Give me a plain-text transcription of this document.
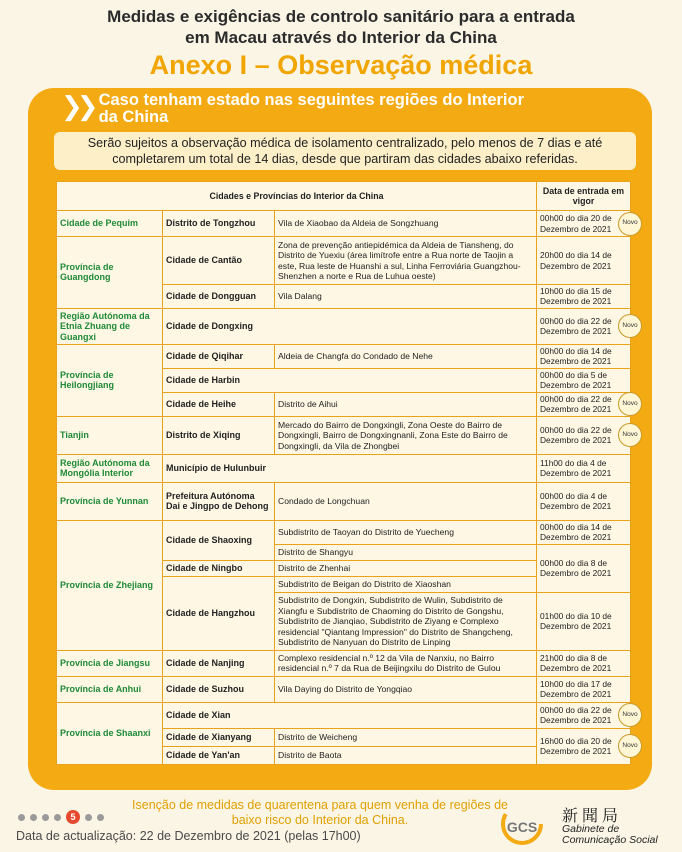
Medidas e exigências de controlo sanitário para a entrada
em Macau através do Interior da China
Anexo I – Observação médica
❯❯ Caso tenham estado nas seguintes regiões do Interior da China
Serão sujeitos a observação médica de isolamento centralizado, pelo menos de 7 dias e até completarem um total de 14 dias, desde que partiram das cidades abaixo referidas.
Cidades e Províncias do Interior da China			Data de entrada em vigor
Cidade de Pequim	Distrito de Tongzhou	Vila de Xiaobao da Aldeia de Songzhuang	00h00 do dia 20 de Dezembro de 2021
Novo

Província de Guangdong	Cidade de Cantão	Zona de prevenção antiepidémica da Aldeia de Tiansheng, do Distrito de Yuexiu (área limítrofe entre a Rua norte de Taojin a este, Rua leste de Huanshi a sul, Linha Ferroviária Guangzhou-Shenzhen a norte e Rua de Luhua oeste)	20h00 do dia 14 de Dezembro de 2021
	Cidade de Dongguan	Vila Dalang	10h00 do dia 15 de Dezembro de 2021
Região Autónoma da Etnia Zhuang de Guangxi	Cidade de Dongxing		00h00 do dia 22 de Dezembro de 2021
Novo

Província de Heilongjiang	Cidade de Qiqihar	Aldeia de Changfa do Condado de Nehe	00h00 do dia 14 de Dezembro de 2021
	Cidade de Harbin		00h00 do dia 5 de Dezembro de 2021
	Cidade de Heihe	Distrito de Aihui	00h00 do dia 22 de Dezembro de 2021
Novo

Tianjin	Distrito de Xiqing	Mercado do Bairro de Dongxingli, Zona Oeste do Bairro de Dongxingli, Bairro de Dongxingnanli, Zona Este do Bairro de Dongxingli, da Vila de Zhongbei	00h00 do dia 22 de Dezembro de 2021
Novo

Região Autónoma da Mongólia Interior	Município de Hulunbuir		11h00 do dia 4 de Dezembro de 2021
Província de Yunnan	Prefeitura Autónoma Dai e Jingpo de Dehong	Condado de Longchuan	00h00 do dia 4 de Dezembro de 2021
Província de Zhejiang	Cidade de Shaoxing	Subdistrito de Taoyan do Distrito de Yuecheng	00h00 do dia 14 de Dezembro de 2021
		Distrito de Shangyu	00h00 do dia 8 de Dezembro de 2021
	Cidade de Ningbo	Distrito de Zhenhai	
	Cidade de Hangzhou	Subdistrito de Beigan do Distrito de Xiaoshan	
		Subdistrito de Dongxin, Subdistrito de Wulin, Subdistrito de Xiangfu e Subdistrito de Chaoming do Distrito de Gongshu, Subdistrito de Jianqiao, Subdistrito de Ziyang e Complexo residencial "Qiantang Impression" do Distrito de Shangcheng, Subdistrito de Nanyuan do Distrito de Linping	01h00 do dia 10 de Dezembro de 2021
Província de Jiangsu	Cidade de Nanjing	Complexo residencial n.º 12 da Vila de Nanxiu, no Bairro residencial n.º 7 da Rua de Beijingxilu do Distrito de Gulou	21h00 do dia 8 de Dezembro de 2021
Província de Anhui	Cidade de Suzhou	Vila Daying do Distrito de Yongqiao	10h00 do dia 17 de Dezembro de 2021
Província de Shaanxi	Cidade de Xian		00h00 do dia 22 de Dezembro de 2021
Novo

	Cidade de Xianyang	Distrito de Weicheng	16h00 do dia 20 de Dezembro de 2021
Novo

	Cidade de Yan'an	Distrito de Baota	
Isenção de medidas de quarentena para quem venha de regiões de baixo risco do Interior da China.
5
Data de actualização: 22 de Dezembro de 2021 (pelas 17h00)
GCS
新聞局
Gabinete de Comunicação Social
